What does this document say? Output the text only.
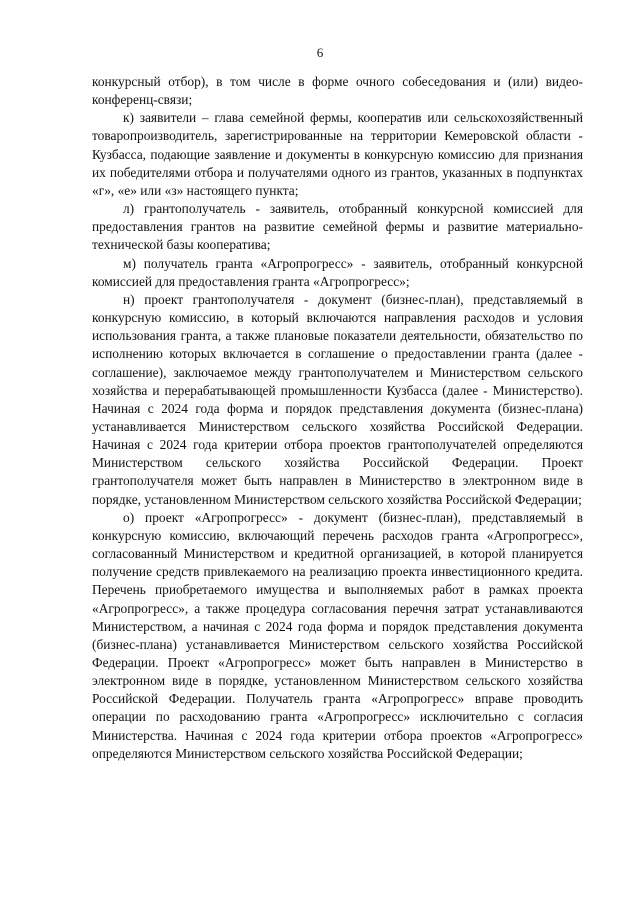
6

конкурсный отбор), в том числе в форме очного собеседования и (или) видео-конференц-связи;

к) заявители – глава семейной фермы, кооператив или сельскохозяйственный товаропроизводитель, зарегистрированные на территории Кемеровской области - Кузбасса, подающие заявление и документы в конкурсную комиссию для признания их победителями отбора и получателями одного из грантов, указанных в подпунктах «г», «е» или «з» настоящего пункта;

л) грантополучатель - заявитель, отобранный конкурсной комиссией для предоставления грантов на развитие семейной фермы и развитие материально-технической базы кооператива;

м) получатель гранта «Агропрогресс» - заявитель, отобранный конкурсной комиссией для предоставления гранта «Агропрогресс»;

н) проект грантополучателя - документ (бизнес-план), представляемый в конкурсную комиссию, в который включаются направления расходов и условия использования гранта, а также плановые показатели деятельности, обязательство по исполнению которых включается в соглашение о предоставлении гранта (далее - соглашение), заключаемое между грантополучателем и Министерством сельского хозяйства и перерабатывающей промышленности Кузбасса (далее - Министерство). Начиная с 2024 года форма и порядок представления документа (бизнес-плана) устанавливается Министерством сельского хозяйства Российской Федерации. Начиная с 2024 года критерии отбора проектов грантополучателей определяются Министерством сельского хозяйства Российской Федерации. Проект грантополучателя может быть направлен в Министерство в электронном виде в порядке, установленном Министерством сельского хозяйства Российской Федерации;

о) проект «Агропрогресс» - документ (бизнес-план), представляемый в конкурсную комиссию, включающий перечень расходов гранта «Агропрогресс», согласованный Министерством и кредитной организацией, в которой планируется получение средств привлекаемого на реализацию проекта инвестиционного кредита. Перечень приобретаемого имущества и выполняемых работ в рамках проекта «Агропрогресс», а также процедура согласования перечня затрат устанавливаются Министерством, а начиная с 2024 года форма и порядок представления документа (бизнес-плана) устанавливается Министерством сельского хозяйства Российской Федерации. Проект «Агропрогресс» может быть направлен в Министерство в электронном виде в порядке, установленном Министерством сельского хозяйства Российской Федерации. Получатель гранта «Агропрогресс» вправе проводить операции по расходованию гранта «Агропрогресс» исключительно с согласия Министерства. Начиная с 2024 года критерии отбора проектов «Агропрогресс» определяются Министерством сельского хозяйства Российской Федерации;
